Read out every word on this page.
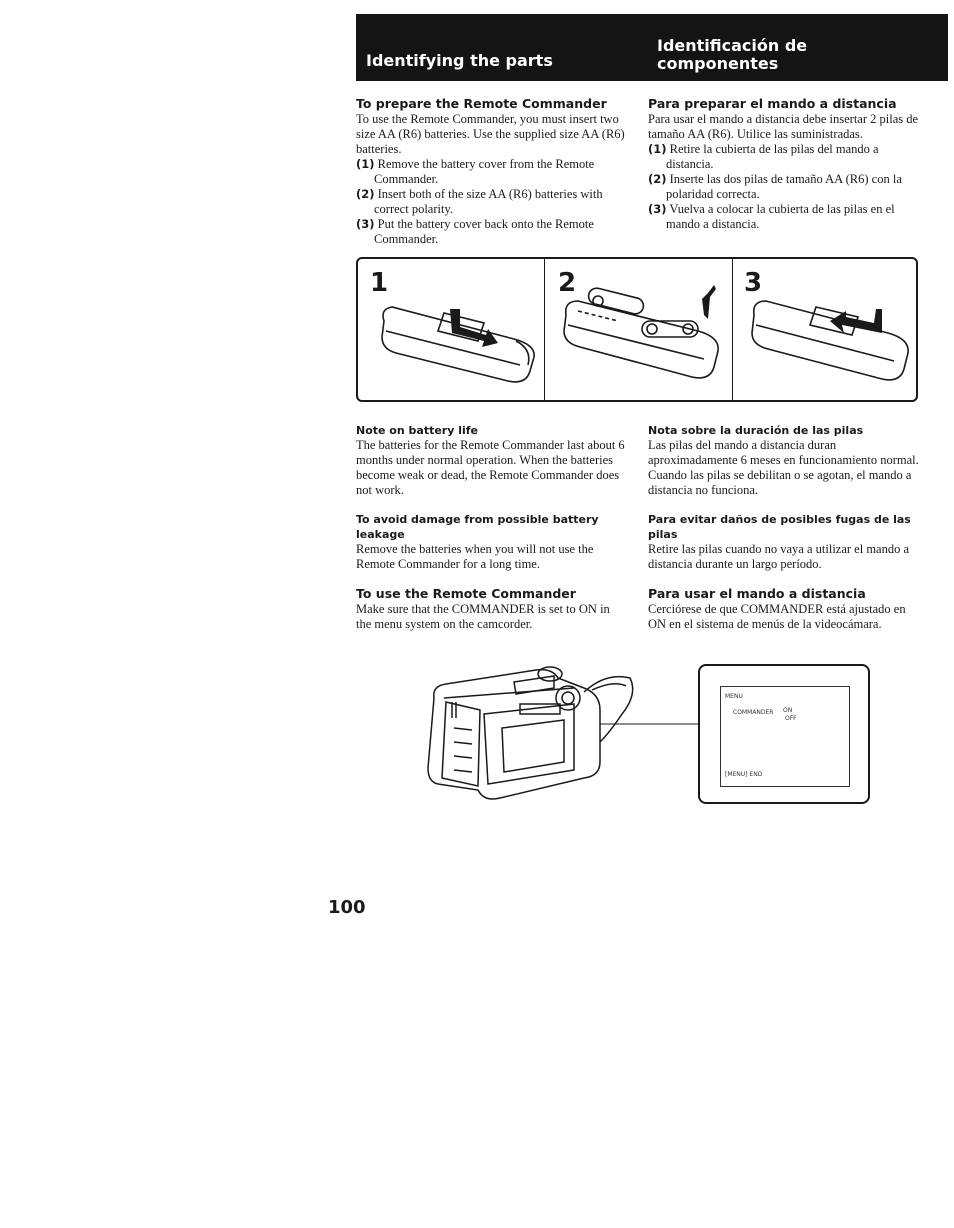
Identifying the parts
Identificación de componentes

To prepare the Remote Commander

To use the Remote Commander, you must insert two size AA (R6) batteries. Use the supplied size AA (R6) batteries.

(1) Remove the battery cover from the Remote Commander.

(2) Insert both of the size AA (R6) batteries with correct polarity.

(3) Put the battery cover back onto the Remote Commander.

Para preparar el mando a distancia

Para usar el mando a distancia debe insertar 2 pilas de tamaño AA (R6). Utilice las suministradas.

(1) Retire la cubierta de las pilas del mando a distancia.

(2) Inserte las dos pilas de tamaño AA (R6) con la polaridad correcta.

(3) Vuelva a colocar la cubierta de las pilas en el mando a distancia.

1	2	3

Note on battery life

The batteries for the Remote Commander last about 6 months under normal operation. When the batteries become weak or dead, the Remote Commander does not work.

To avoid damage from possible battery leakage

Remove the batteries when you will not use the Remote Commander for a long time.

To use the Remote Commander

Make sure that the COMMANDER is set to ON in the menu system on the camcorder.

Nota sobre la duración de las pilas

Las pilas del mando a distancia duran aproximadamente 6 meses en funcionamiento normal. Cuando las pilas se debilitan o se agotan, el mando a distancia no funciona.

Para evitar daños de posibles fugas de las pilas

Retire las pilas cuando no vaya a utilizar el mando a distancia durante un largo período.

Para usar el mando a distancia

Cerciórese de que COMMANDER está ajustado en ON en el sistema de menús de la videocámara.

MENU
COMMANDER ON
OFF
[MENU] END
100
